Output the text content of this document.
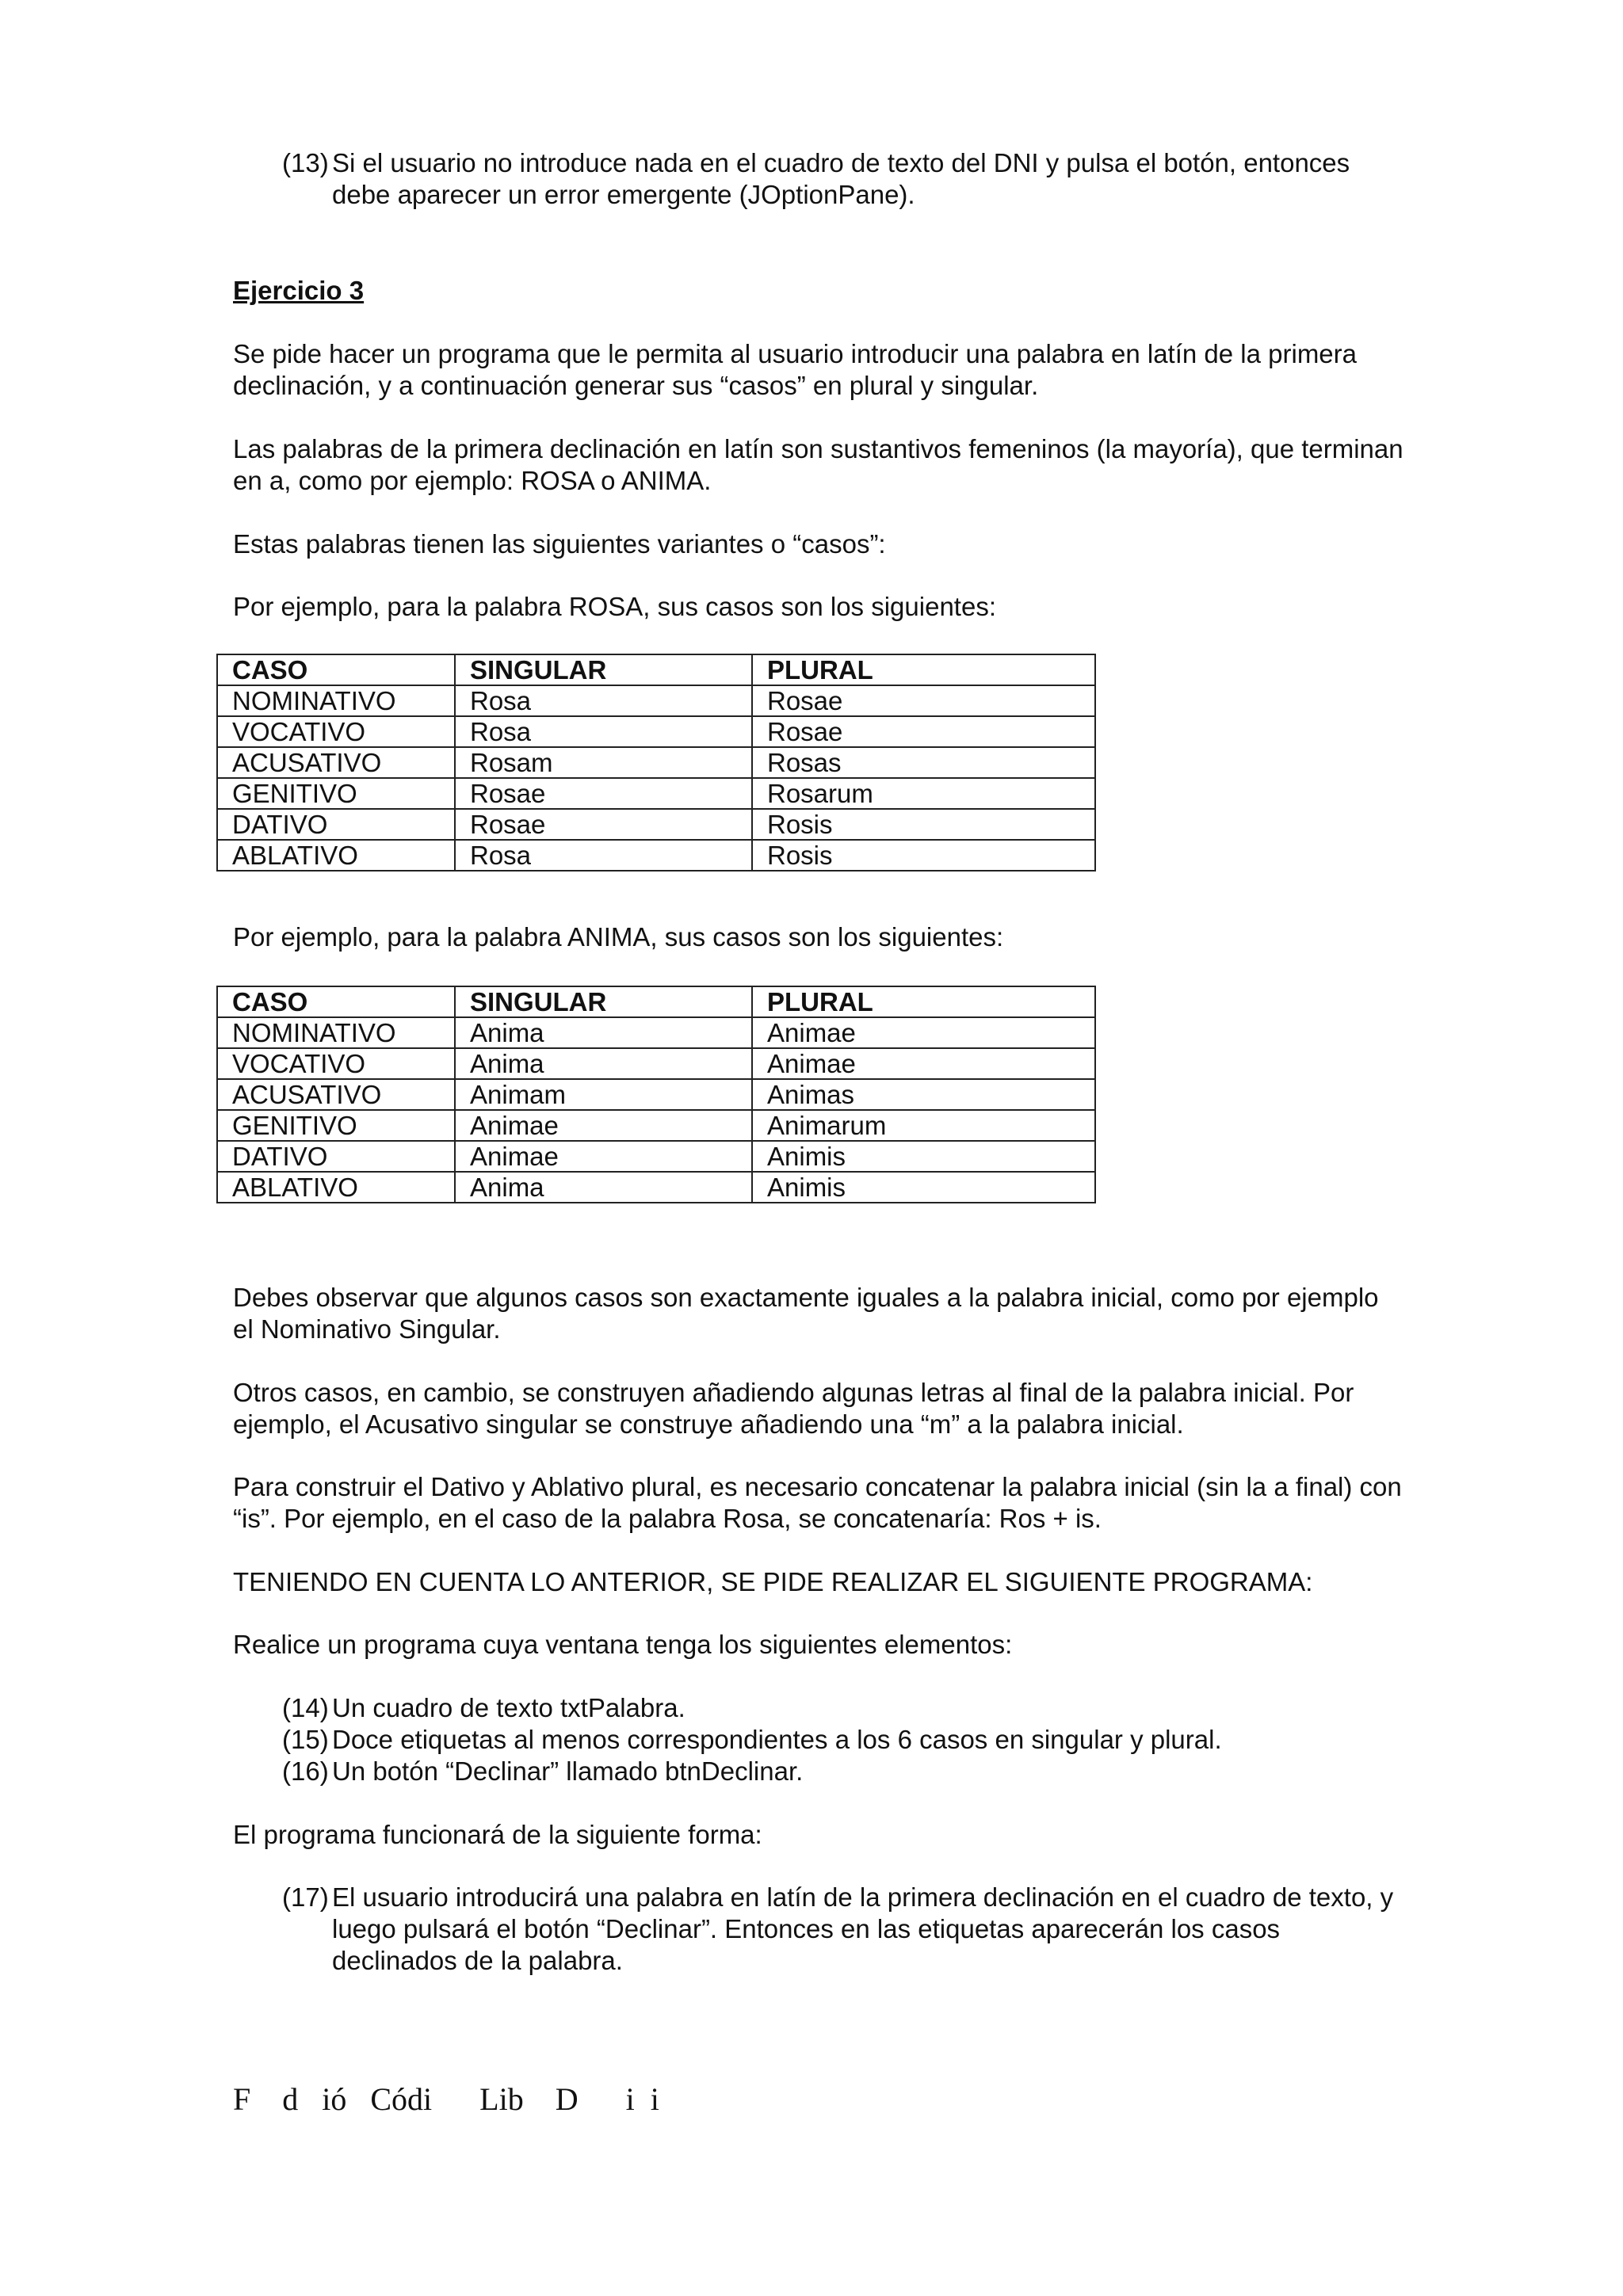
(13) Si el usuario no introduce nada en el cuadro de texto del DNI y pulsa el botón, entonces debe aparecer un error emergente (JOptionPane).
Ejercicio 3

Se pide hacer un programa que le permita al usuario introducir una palabra en latín de la primera declinación, y a continuación generar sus “casos” en plural y singular.

Las palabras de la primera declinación en latín son sustantivos femeninos (la mayoría), que terminan en a, como por ejemplo: ROSA o ANIMA.

Estas palabras tienen las siguientes variantes o “casos”:

Por ejemplo, para la palabra ROSA, sus casos son los siguientes:

CASO	SINGULAR	PLURAL
NOMINATIVO	Rosa	Rosae
VOCATIVO	Rosa	Rosae
ACUSATIVO	Rosam	Rosas
GENITIVO	Rosae	Rosarum
DATIVO	Rosae	Rosis
ABLATIVO	Rosa	Rosis

Por ejemplo, para la palabra ANIMA, sus casos son los siguientes:

CASO	SINGULAR	PLURAL
NOMINATIVO	Anima	Animae
VOCATIVO	Anima	Animae
ACUSATIVO	Animam	Animas
GENITIVO	Animae	Animarum
DATIVO	Animae	Animis
ABLATIVO	Anima	Animis

Debes observar que algunos casos son exactamente iguales a la palabra inicial, como por ejemplo el Nominativo Singular.

Otros casos, en cambio, se construyen añadiendo algunas letras al final de la palabra inicial. Por ejemplo, el Acusativo singular se construye añadiendo una “m” a la palabra inicial.

Para construir el Dativo y Ablativo plural, es necesario concatenar la palabra inicial (sin la a final) con “is”. Por ejemplo, en el caso de la palabra Rosa, se concatenaría: Ros + is.

TENIENDO EN CUENTA LO ANTERIOR, SE PIDE REALIZAR EL SIGUIENTE PROGRAMA:

Realice un programa cuya ventana tenga los siguientes elementos:

(14) Un cuadro de texto txtPalabra.
(15) Doce etiquetas al menos correspondientes a los 6 casos en singular y plural.
(16) Un botón “Declinar” llamado btnDeclinar.

El programa funcionará de la siguiente forma:

(17) El usuario introducirá una palabra en latín de la primera declinación en el cuadro de texto, y luego pulsará el botón “Declinar”. Entonces en las etiquetas aparecerán los casos declinados de la palabra.
F    d   ió   Códi      Lib    D      i  i
